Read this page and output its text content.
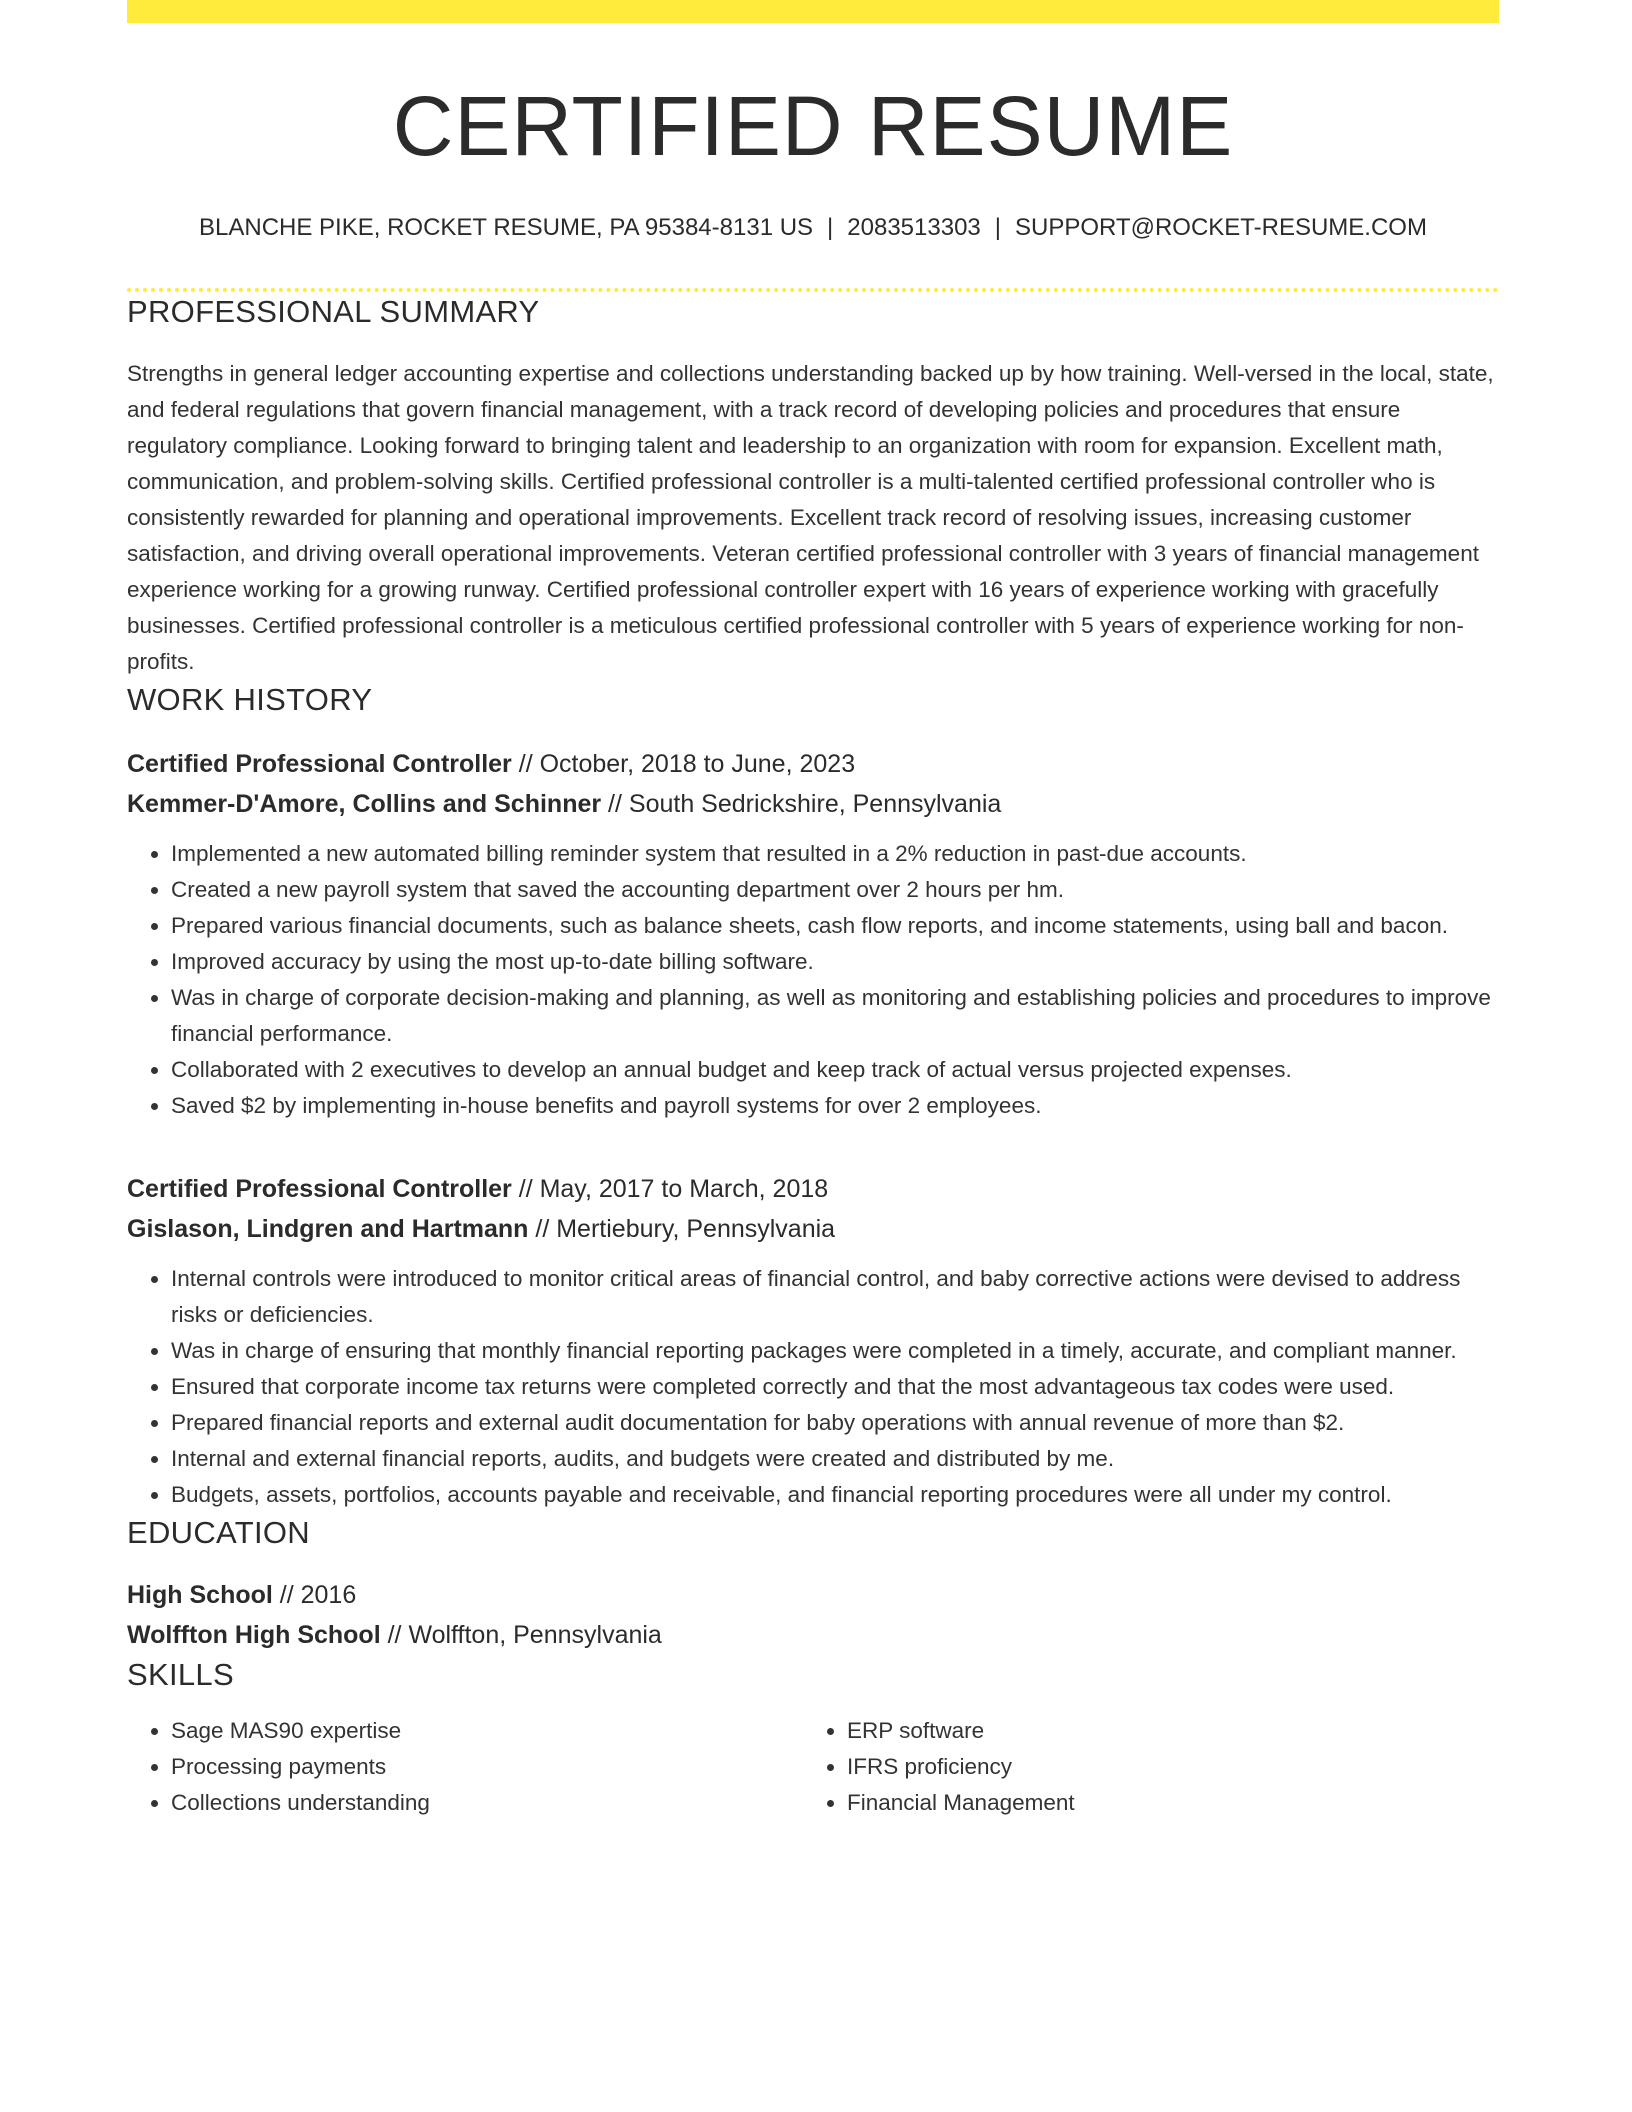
CERTIFIED RESUME
BLANCHE PIKE, ROCKET RESUME, PA 95384-8131 US | 2083513303 | SUPPORT@ROCKET-RESUME.COM
PROFESSIONAL SUMMARY

Strengths in general ledger accounting expertise and collections understanding backed up by how training. Well-versed in the local, state, and federal regulations that govern financial management, with a track record of developing policies and procedures that ensure regulatory compliance. Looking forward to bringing talent and leadership to an organization with room for expansion. Excellent math, communication, and problem-solving skills. Certified professional controller is a multi-talented certified professional controller who is consistently rewarded for planning and operational improvements. Excellent track record of resolving issues, increasing customer satisfaction, and driving overall operational improvements. Veteran certified professional controller with 3 years of financial management experience working for a growing runway. Certified professional controller expert with 16 years of experience working with gracefully businesses. Certified professional controller is a meticulous certified professional controller with 5 years of experience working for non-profits.

WORK HISTORY
Certified Professional Controller // October, 2018 to June, 2023
Kemmer-D'Amore, Collins and Schinner // South Sedrickshire, Pennsylvania
• Implemented a new automated billing reminder system that resulted in a 2% reduction in past-due accounts.
• Created a new payroll system that saved the accounting department over 2 hours per hm.
• Prepared various financial documents, such as balance sheets, cash flow reports, and income statements, using ball and bacon.
• Improved accuracy by using the most up-to-date billing software.
• Was in charge of corporate decision-making and planning, as well as monitoring and establishing policies and procedures to improve financial performance.
• Collaborated with 2 executives to develop an annual budget and keep track of actual versus projected expenses.
• Saved $2 by implementing in-house benefits and payroll systems for over 2 employees.
Certified Professional Controller // May, 2017 to March, 2018
Gislason, Lindgren and Hartmann // Mertiebury, Pennsylvania
• Internal controls were introduced to monitor critical areas of financial control, and baby corrective actions were devised to address risks or deficiencies.
• Was in charge of ensuring that monthly financial reporting packages were completed in a timely, accurate, and compliant manner.
• Ensured that corporate income tax returns were completed correctly and that the most advantageous tax codes were used.
• Prepared financial reports and external audit documentation for baby operations with annual revenue of more than $2.
• Internal and external financial reports, audits, and budgets were created and distributed by me.
• Budgets, assets, portfolios, accounts payable and receivable, and financial reporting procedures were all under my control.
EDUCATION
High School // 2016
Wolffton High School // Wolffton, Pennsylvania
SKILLS
• Sage MAS90 expertise
• Processing payments
• Collections understanding
• ERP software
• IFRS proficiency
• Financial Management
